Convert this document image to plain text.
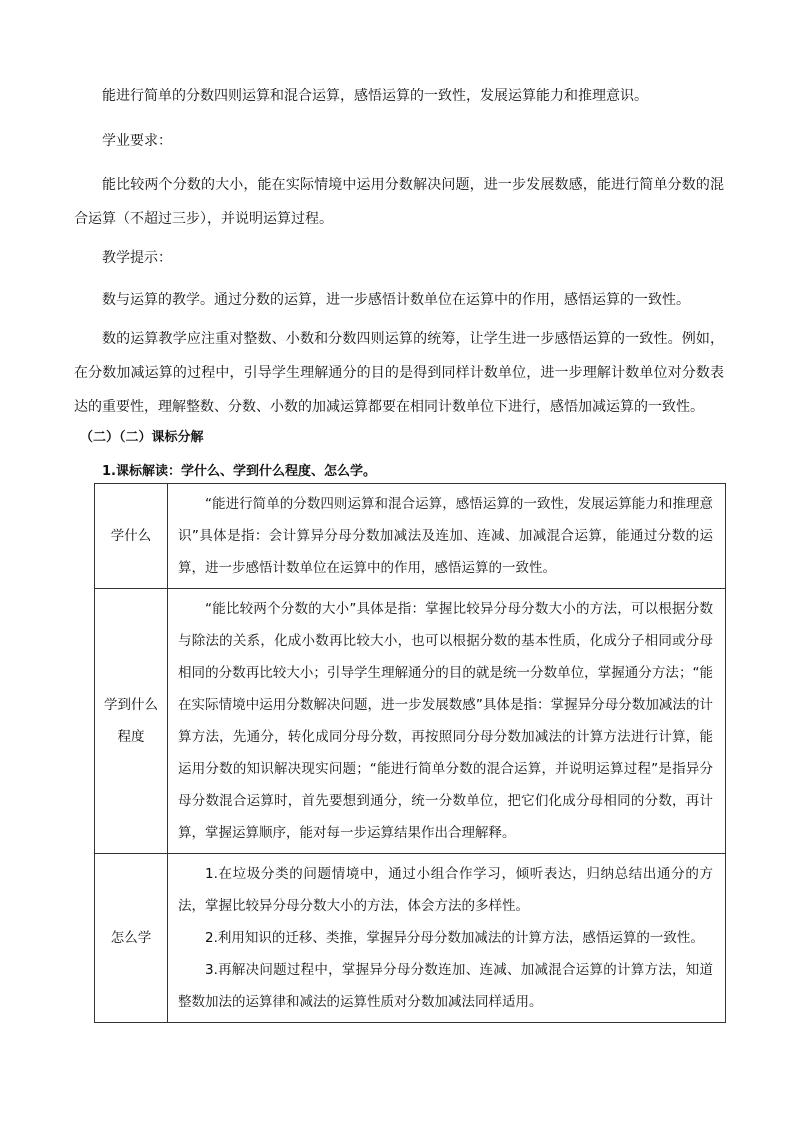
能进行简单的分数四则运算和混合运算，感悟运算的一致性，发展运算能力和推理意识。

学业要求：

能比较两个分数的大小，能在实际情境中运用分数解决问题，进一步发展数感，能进行简单分数的混合运算（不超过三步），并说明运算过程。

教学提示：

数与运算的教学。通过分数的运算，进一步感悟计数单位在运算中的作用，感悟运算的一致性。

数的运算教学应注重对整数、小数和分数四则运算的统筹，让学生进一步感悟运算的一致性。例如，在分数加减运算的过程中，引导学生理解通分的目的是得到同样计数单位，进一步理解计数单位对分数表达的重要性，理解整数、分数、小数的加减运算都要在相同计数单位下进行，感悟加减运算的一致性。

（二）（二）课标分解
1.课标解读：学什么、学到什么程度、怎么学。
学什么	“能进行简单的分数四则运算和混合运算，感悟运算的一致性，发展运算能力和推理意识”具体是指：会计算异分母分数加减法及连加、连减、加减混合运算，能通过分数的运算，进一步感悟计数单位在运算中的作用，感悟运算的一致性。

学到什么程度	“能比较两个分数的大小”具体是指：掌握比较异分母分数大小的方法，可以根据分数与除法的关系，化成小数再比较大小，也可以根据分数的基本性质，化成分子相同或分母相同的分数再比较大小；引导学生理解通分的目的就是统一分数单位，掌握通分方法；“能在实际情境中运用分数解决问题，进一步发展数感”具体是指：掌握异分母分数加减法的计算方法，先通分，转化成同分母分数，再按照同分母分数加减法的计算方法进行计算，能运用分数的知识解决现实问题；“能进行简单分数的混合运算，并说明运算过程”是指异分母分数混合运算时，首先要想到通分，统一分数单位，把它们化成分母相同的分数，再计算，掌握运算顺序，能对每一步运算结果作出合理解释。

怎么学	1.在垃圾分类的问题情境中，通过小组合作学习，倾听表达，归纳总结出通分的方法，掌握比较异分母分数大小的方法，体会方法的多样性。
2.利用知识的迁移、类推，掌握异分母分数加减法的计算方法，感悟运算的一致性。
3.再解决问题过程中，掌握异分母分数连加、连减、加减混合运算的计算方法，知道整数加法的运算律和减法的运算性质对分数加减法同样适用。
